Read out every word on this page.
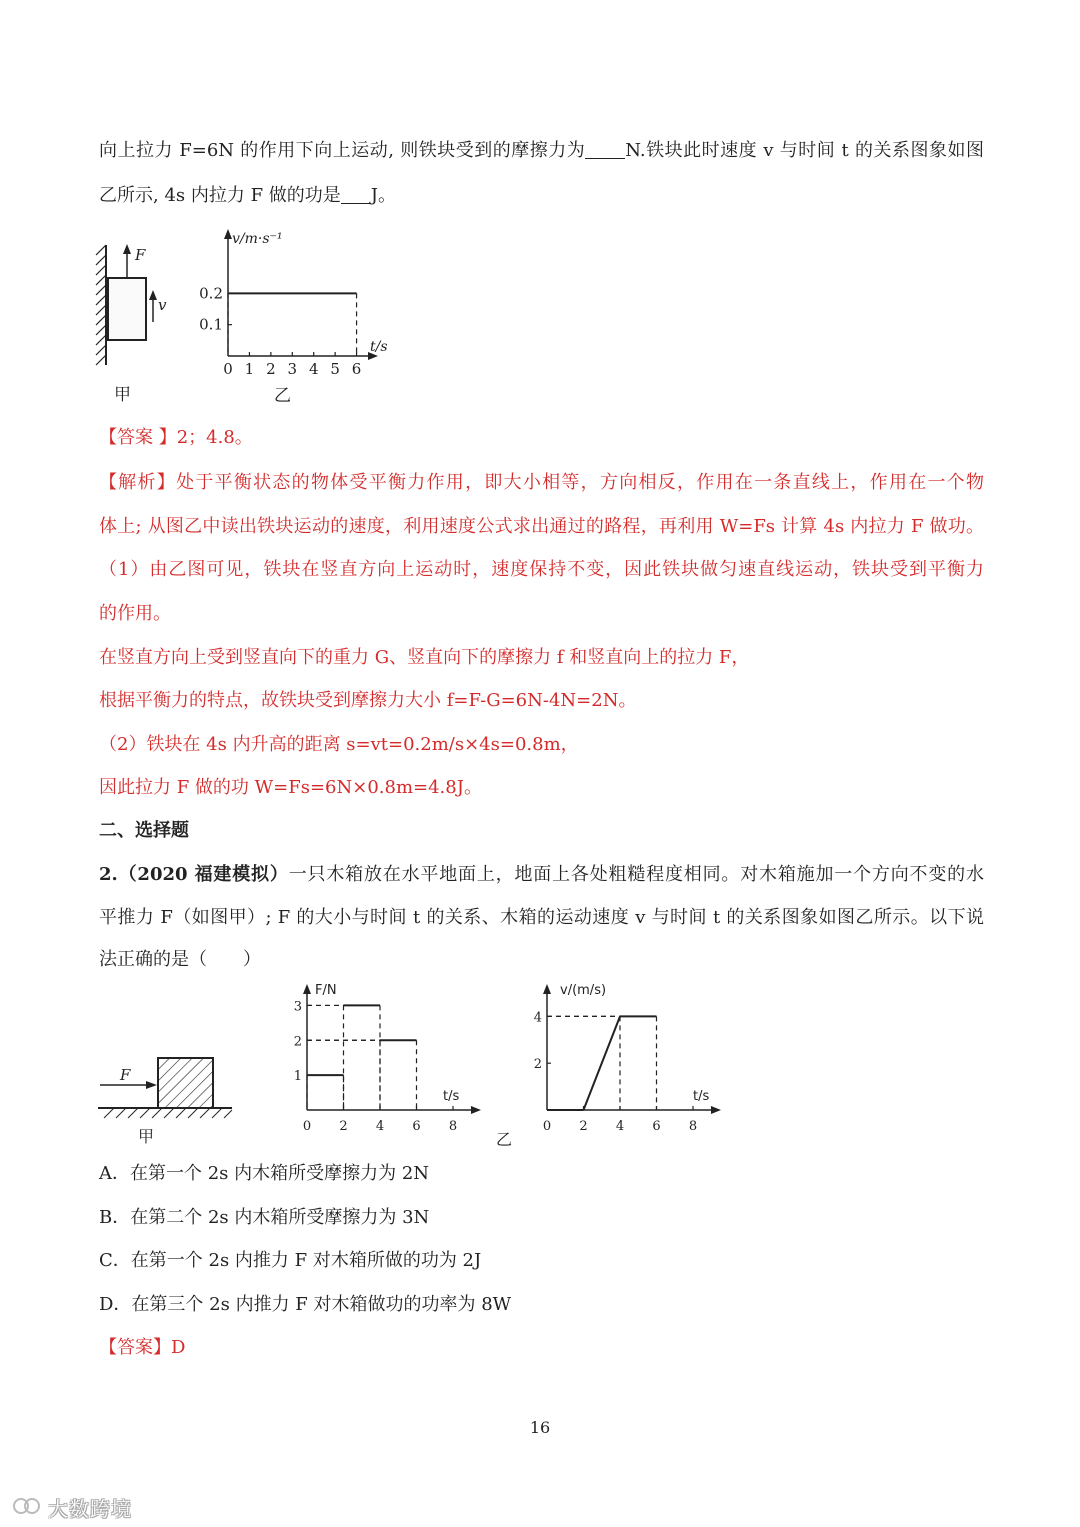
向上拉力 F=6N 的作用下向上运动, 则铁块受到的摩擦力为 N.铁块此时速度 v 与时间 t 的关系图象如图
乙所示, 4s 内拉力 F 做的功是 J。
F
v
甲
v/m·s⁻¹
t/s
0 1 2 3 4 5 6
0.1
0.2
乙
【答案 】2；4.8。
【解析】处于平衡状态的物体受平衡力作用，即大小相等，方向相反，作用在一条直线上，作用在一个物
体上; 从图乙中读出铁块运动的速度，利用速度公式求出通过的路程，再利用 W=Fs 计算 4s 内拉力 F 做功。
（1）由乙图可见，铁块在竖直方向上运动时，速度保持不变，因此铁块做匀速直线运动，铁块受到平衡力
的作用。
在竖直方向上受到竖直向下的重力 G、竖直向下的摩擦力 f 和竖直向上的拉力 F，
根据平衡力的特点，故铁块受到摩擦力大小 f=F-G=6N-4N=2N。
（2）铁块在 4s 内升高的距离 s=vt=0.2m/s×4s=0.8m，
因此拉力 F 做的功 W=Fs=6N×0.8m=4.8J。
二、选择题
2.（2020 福建模拟）一只木箱放在水平地面上，地面上各处粗糙程度相同。对木箱施加一个方向不变的水
平推力 F（如图甲）; F 的大小与时间 t 的关系、木箱的运动速度 v 与时间 t 的关系图象如图乙所示。以下说
法正确的是（　　）
F
甲
F/N
t/s
0 2 4 6 8
1
2
3
v/(m/s)
t/s
0 2 4 6 8
2
4
乙
A．在第一个 2s 内木箱所受摩擦力为 2N
B．在第二个 2s 内木箱所受摩擦力为 3N
C．在第一个 2s 内推力 F 对木箱所做的功为 2J
D．在第三个 2s 内推力 F 对木箱做功的功率为 8W
【答案】D
16
大数跨境
